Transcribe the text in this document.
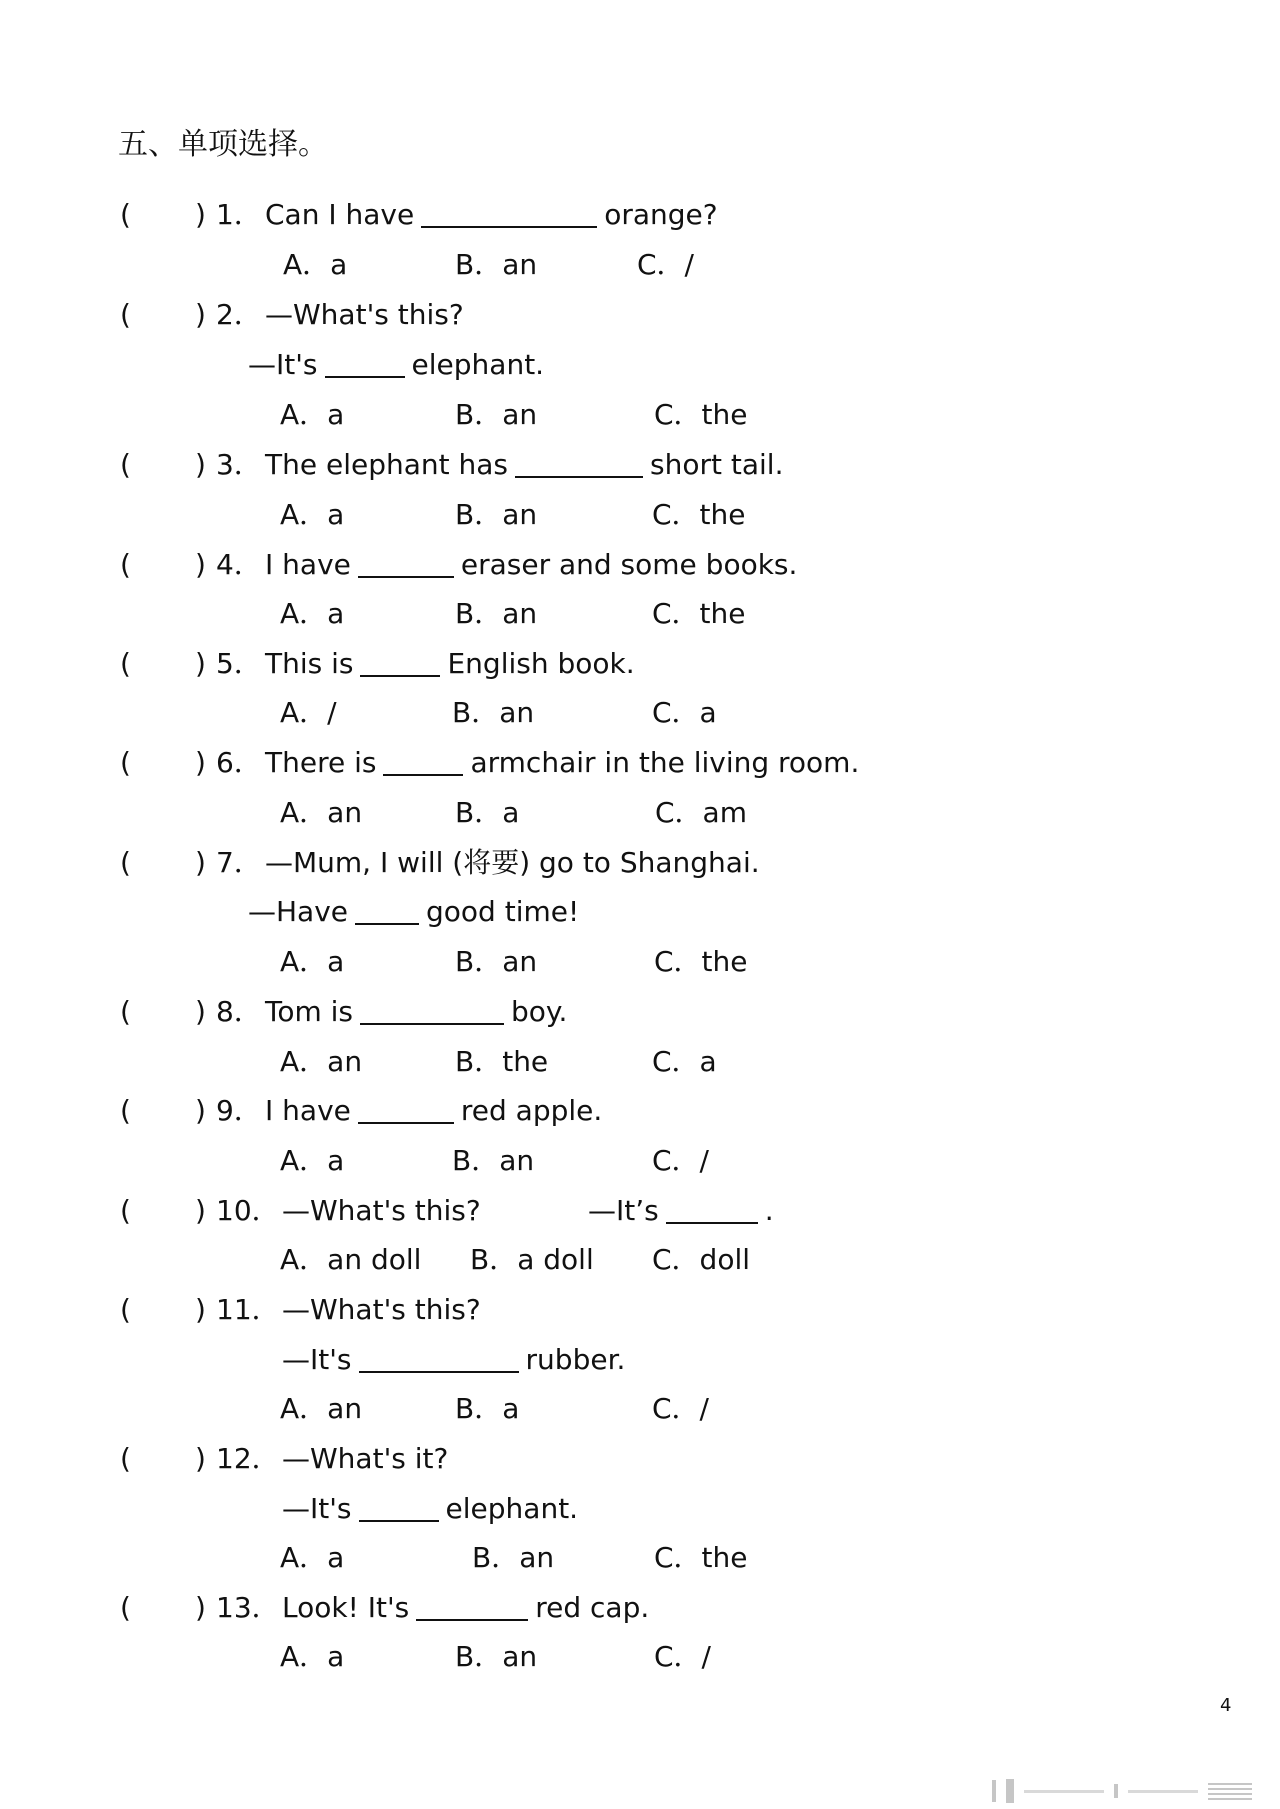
五、单项选择。
( ) 1． Can I have	orange?
A．a	B．an	C．/
( ) 2． —What's this?
—It's	elephant.
A．a	B．an	C．the
( ) 3． The elephant has	short tail.
A．a	B．an	C．the
( ) 4． I have	eraser and some books.
A．a	B．an	C．the
( ) 5． This is	English book.
A．/	B．an	C．a
( ) 6． There is	armchair in the living room.
A．an	B．a	C．am
( ) 7． —Mum, I will (将要) go to Shanghai.
—Have	good time!
A．a	B．an	C．the
( ) 8． Tom is	boy.
A．an	B．the	C．a
( ) 9． I have	red apple.
A．a	B．an	C．/
( ) 10． —What's this?	—It’s	.
A．an doll B．a doll C．doll
( ) 11． —What's this?
—It's	rubber.
A．an	B．a	C．/
( ) 12． —What's it?
—It's	elephant.
A．a	B．an	C．the
( ) 13． Look! It's	red cap.
A．a	B．an	C．/
4
